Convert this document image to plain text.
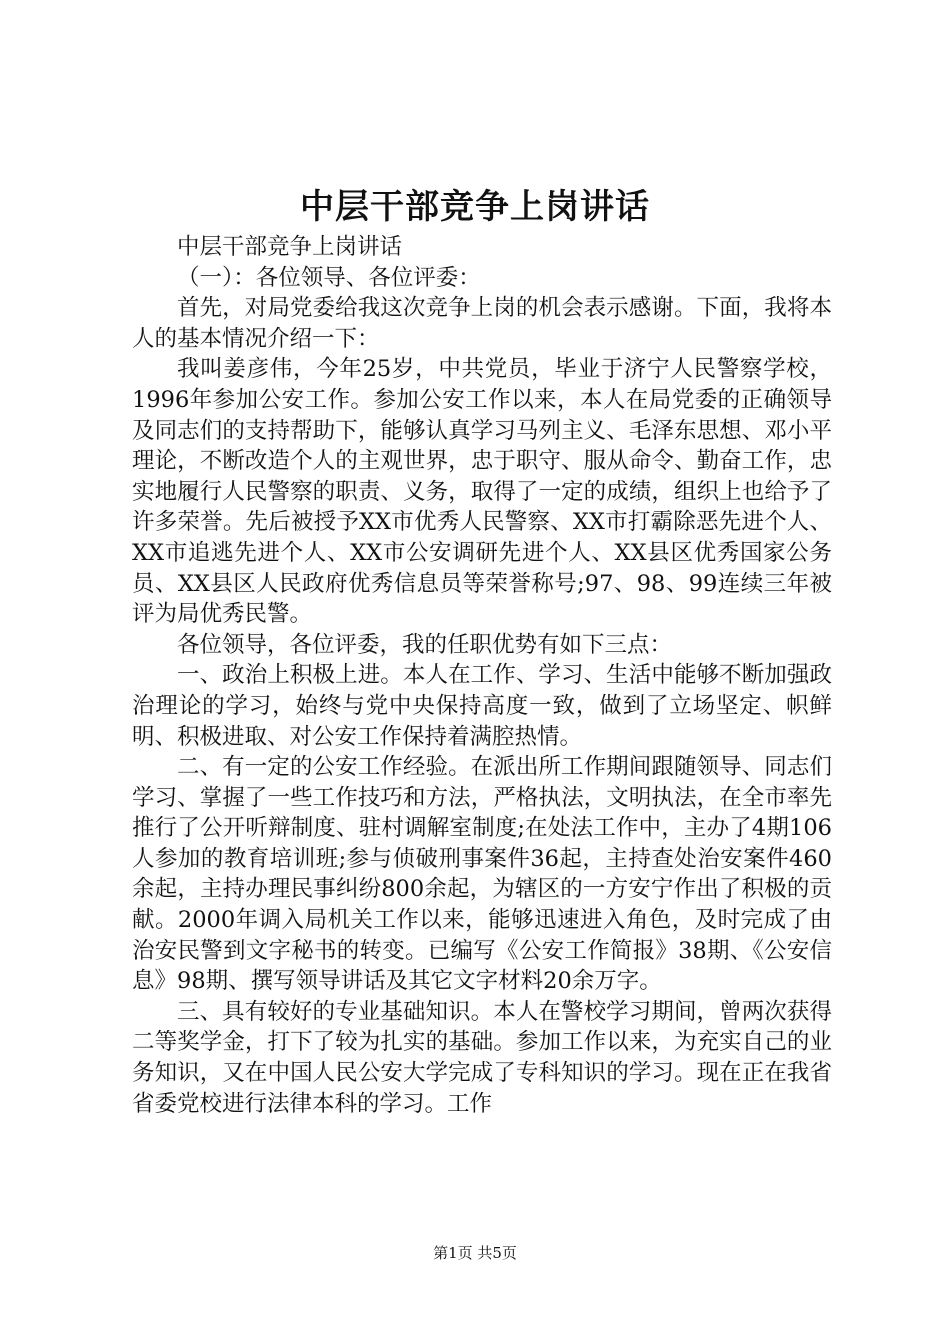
中层干部竞争上岗讲话

中层干部竞争上岗讲话

（一）：各位领导、各位评委：

首先，对局党委给我这次竞争上岗的机会表示感谢。下面，我将本人的基本情况介绍一下：

我叫姜彦伟，今年25岁，中共党员，毕业于济宁人民警察学校，1996年参加公安工作。参加公安工作以来，本人在局党委的正确领导及同志们的支持帮助下，能够认真学习马列主义、毛泽东思想、邓小平理论，不断改造个人的主观世界，忠于职守、服从命令、勤奋工作，忠实地履行人民警察的职责、义务，取得了一定的成绩，组织上也给予了许多荣誉。先后被授予XX市优秀人民警察、XX市打霸除恶先进个人、XX市追逃先进个人、XX市公安调研先进个人、XX县区优秀国家公务员、XX县区人民政府优秀信息员等荣誉称号;97、98、99连续三年被评为局优秀民警。

各位领导，各位评委，我的任职优势有如下三点：

一、政治上积极上进。本人在工作、学习、生活中能够不断加强政治理论的学习，始终与党中央保持高度一致，做到了立场坚定、帜鲜明、积极进取、对公安工作保持着满腔热情。

二、有一定的公安工作经验。在派出所工作期间跟随领导、同志们学习、掌握了一些工作技巧和方法，严格执法，文明执法，在全市率先推行了公开听辩制度、驻村调解室制度;在处法工作中，主办了4期106人参加的教育培训班;参与侦破刑事案件36起，主持查处治安案件460余起，主持办理民事纠纷800余起，为辖区的一方安宁作出了积极的贡献。2000年调入局机关工作以来，能够迅速进入角色，及时完成了由治安民警到文字秘书的转变。已编写《公安工作简报》38期、《公安信息》98期、撰写领导讲话及其它文字材料20余万字。

三、具有较好的专业基础知识。本人在警校学习期间，曾两次获得二等奖学金，打下了较为扎实的基础。参加工作以来，为充实自己的业务知识，又在中国人民公安大学完成了专科知识的学习。现在正在我省省委党校进行法律本科的学习。工作

第1页 共5页
